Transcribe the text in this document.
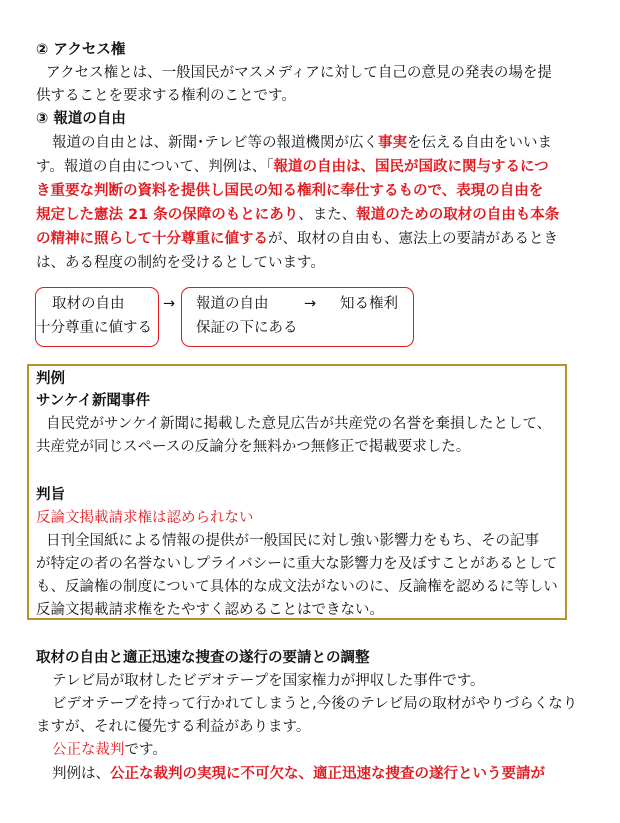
② アクセス権
アクセス権とは、一般国民がマスメディアに対して自己の意見の発表の場を提
供することを要求する権利のことです。
③ 報道の自由
報道の自由とは、新聞･テレビ等の報道機関が広く事実を伝える自由をいいま
す。報道の自由について、判例は、「報道の自由は、国民が国政に関与するにつ
き重要な判断の資料を提供し国民の知る権利に奉仕するもので、表現の自由を
規定した憲法 21 条の保障のもとにあり、また、報道のための取材の自由も本条
の精神に照らして十分尊重に値するが、取材の自由も、憲法上の要請があるとき
は、ある程度の制約を受けるとしています。
取材の自由
十分尊重に値する
→ 報道の自由 → 知る権利
保証の下にある
判例
サンケイ新聞事件
自民党がサンケイ新聞に掲載した意見広告が共産党の名誉を棄損したとして、
共産党が同じスペースの反論分を無料かつ無修正で掲載要求した。
判旨
反論文掲載請求権は認められない
日刊全国紙による情報の提供が一般国民に対し強い影響力をもち、その記事
が特定の者の名誉ないしプライバシーに重大な影響力を及ぼすことがあるとして
も、反論権の制度について具体的な成文法がないのに、反論権を認めるに等しい
反論文掲載請求権をたやすく認めることはできない。
取材の自由と適正迅速な捜査の遂行の要請との調整
テレビ局が取材したビデオテープを国家権力が押収した事件です。
ビデオテープを持って行かれてしまうと,今後のテレビ局の取材がやりづらくなり
ますが、それに優先する利益があります。
公正な裁判です。
判例は、公正な裁判の実現に不可欠な、適正迅速な捜査の遂行という要請が
